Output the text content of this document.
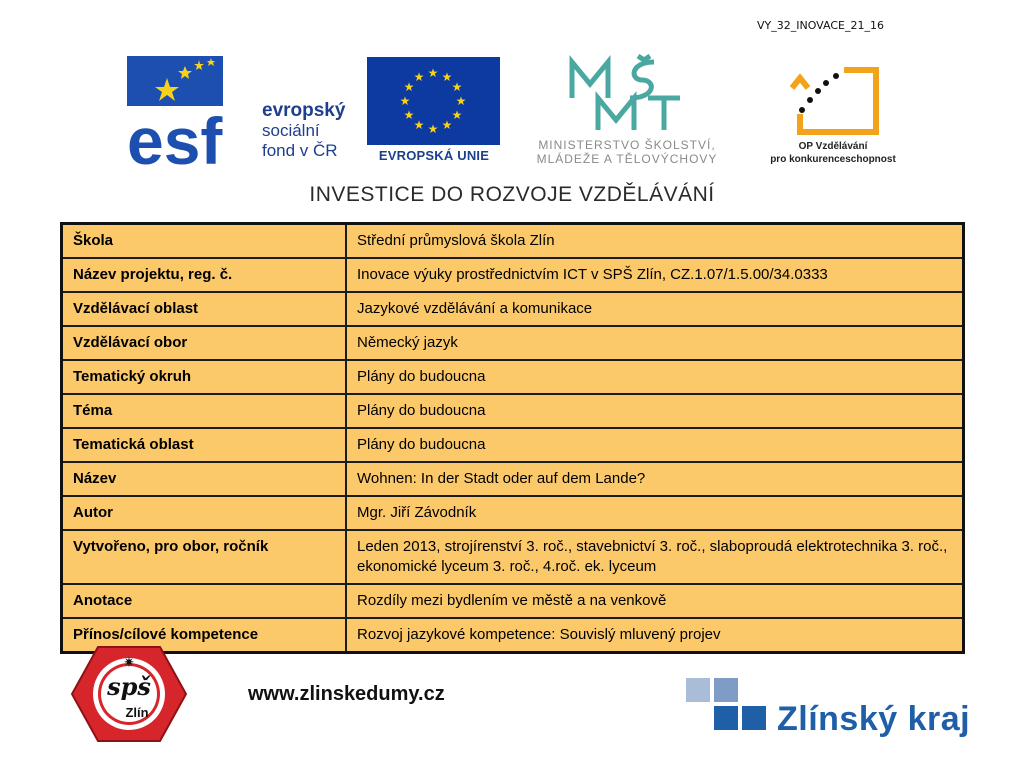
VY_32_INOVACE_21_16
esf evropský
sociální
fond v ČR
★ ★
★
★
★
★
★
★
★
★
★
★
EVROPSKÁ UNIE
MINISTERSTVO ŠKOLSTVÍ,
MLÁDEŽE A TĚLOVÝCHOVY
OP Vzdělávání
pro konkurenceschopnost
INVESTICE DO ROZVOJE VZDĚLÁVÁNÍ
Škola	Střední průmyslová škola Zlín
Název projektu, reg. č.	Inovace výuky prostřednictvím ICT v SPŠ Zlín, CZ.1.07/1.5.00/34.0333
Vzdělávací oblast	Jazykové vzdělávání a komunikace
Vzdělávací obor	Německý jazyk
Tematický okruh	Plány do budoucna
Téma	Plány do budoucna
Tematická oblast	Plány do budoucna
Název	Wohnen: In der Stadt oder auf dem Lande?
Autor	Mgr. Jiří Závodník
Vytvořeno, pro obor, ročník	Leden 2013, strojírenství 3. roč., stavebnictví 3. roč., slaboproudá elektrotechnika 3. roč., ekonomické lyceum 3. roč., 4.roč. ek. lyceum
Anotace	Rozdíly mezi bydlením ve městě a na venkově
Přínos/cílové kompetence	Rozvoj jazykové kompetence: Souvislý mluvený projev
spš
Zlín
✷
www.zlinskedumy.cz
Zlínský kraj
